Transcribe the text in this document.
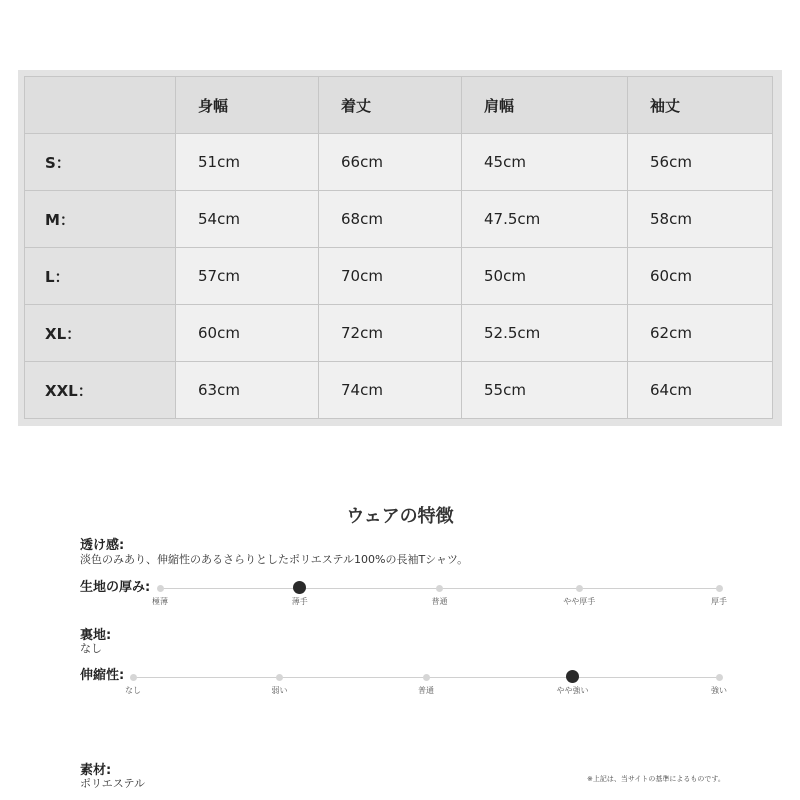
	身幅	着丈	肩幅	袖丈
S：	51cm	66cm	45cm	56cm
M：	54cm	68cm	47.5cm	58cm
L：	57cm	70cm	50cm	60cm
XL：	60cm	72cm	52.5cm	62cm
XXL：	63cm	74cm	55cm	64cm
ウェアの特徴
透け感:
淡色のみあり、伸縮性のあるさらりとしたポリエステル100%の長袖Tシャツ。
生地の厚み:
極薄	薄手	普通	やや厚手	厚手
裏地:
なし
伸縮性:
なし	弱い	普通	やや強い	強い
素材:
ポリエステル	※上記は、当サイトの基準によるものです。
